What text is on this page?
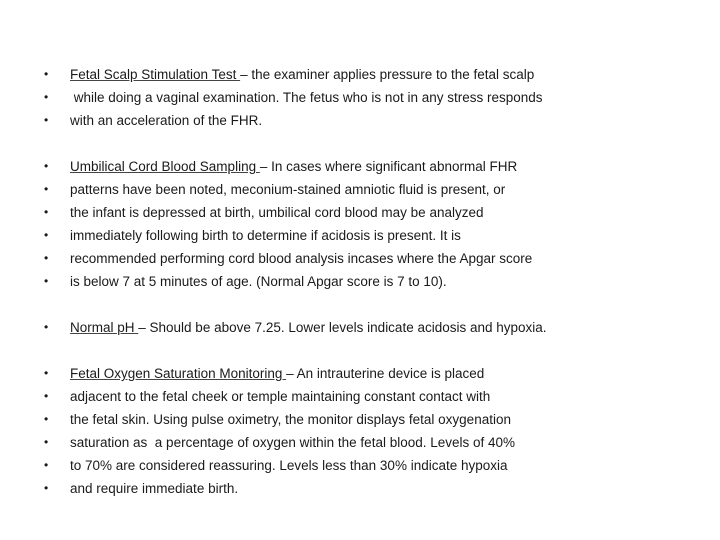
• Fetal Scalp Stimulation Test – the examiner applies pressure to the fetal scalp
• while doing a vaginal examination. The fetus who is not in any stress responds
• with an acceleration of the FHR.
• Umbilical Cord Blood Sampling – In cases where significant abnormal FHR
• patterns have been noted, meconium-stained amniotic fluid is present, or
• the infant is depressed at birth, umbilical cord blood may be analyzed
• immediately following birth to determine if acidosis is present. It is
• recommended performing cord blood analysis incases where the Apgar score
• is below 7 at 5 minutes of age. (Normal Apgar score is 7 to 10).
• Normal pH – Should be above 7.25. Lower levels indicate acidosis and hypoxia.
• Fetal Oxygen Saturation Monitoring – An intrauterine device is placed
• adjacent to the fetal cheek or temple maintaining constant contact with
• the fetal skin. Using pulse oximetry, the monitor displays fetal oxygenation
• saturation as  a percentage of oxygen within the fetal blood. Levels of 40%
• to 70% are considered reassuring. Levels less than 30% indicate hypoxia
• and require immediate birth.
